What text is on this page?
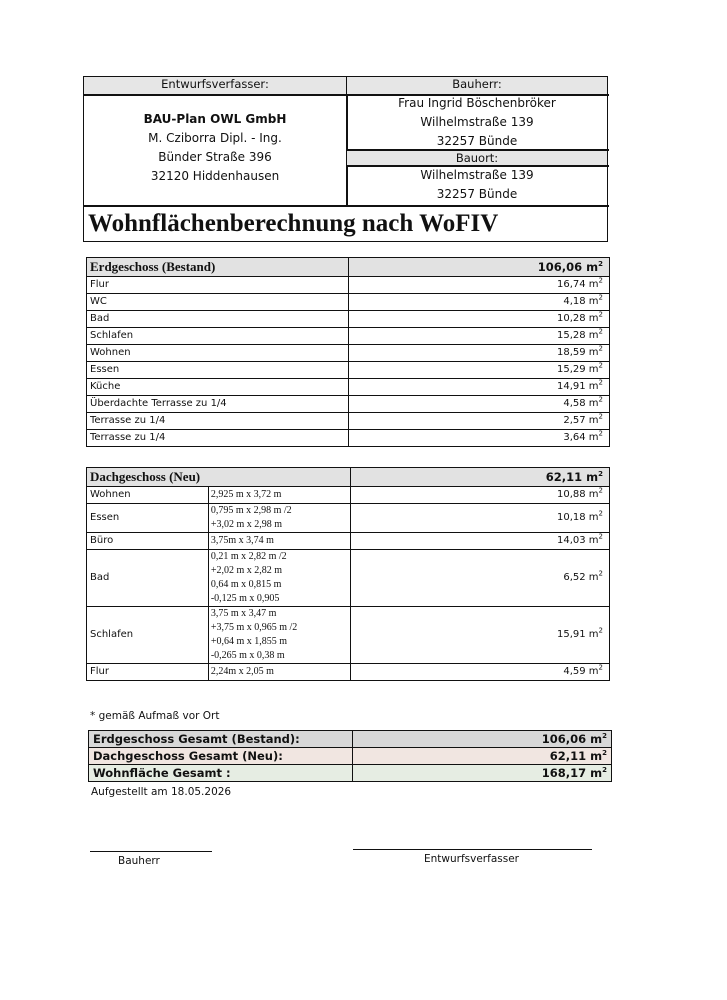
Entwurfsverfasser:
BAU-Plan OWL GmbH
M. Cziborra Dipl. - Ing.
Bünder Straße 396
32120 Hiddenhausen
Bauherr:
Frau Ingrid Böschenbröker
Wilhelmstraße 139
32257 Bünde
Bauort:
Wilhelmstraße 139
32257 Bünde
Wohnflächenberechnung nach WoFIV
Erdgeschoss (Bestand)	106,06 $m^2$
Flur	16,74 $m^2$
WC	4,18 $m^2$
Bad	10,28 $m^2$
Schlafen	15,28 $m^2$
Wohnen	18,59 $m^2$
Essen	15,29 $m^2$
Küche	14,91 $m^2$
Überdachte Terrasse zu 1/4	4,58 $m^2$
Terrasse zu 1/4	2,57 $m^2$
Terrasse zu 1/4	3,64 $m^2$
Dachgeschoss (Neu)		62,11 $m^2$
Wohnen	2,925 m x 3,72 m	10,88 $m^2$
Essen	0,795 m x 2,98 m /2
+3,02 m x 2,98 m	10,18 $m^2$
Büro	3,75m x 3,74 m	14,03 $m^2$
Bad	0,21 m x 2,82 m /2
+2,02 m x 2,82 m
0,64 m x 0,815 m
-0,125 m x 0,905	6,52 $m^2$
Schlafen	3,75 m x 3,47 m
+3,75 m x 0,965 m /2
+0,64 m x 1,855 m
-0,265 m x 0,38 m	15,91 $m^2$
Flur	2,24m x 2,05 m	4,59 $m^2$
* gemäß Aufmaß vor Ort
Erdgeschoss Gesamt (Bestand):	106,06 $m^2$
Dachgeschoss Gesamt (Neu):	62,11 $m^2$
Wohnfläche Gesamt :	168,17 $m^2$
Aufgestellt am 18.05.2026
Bauherr	Entwurfsverfasser
